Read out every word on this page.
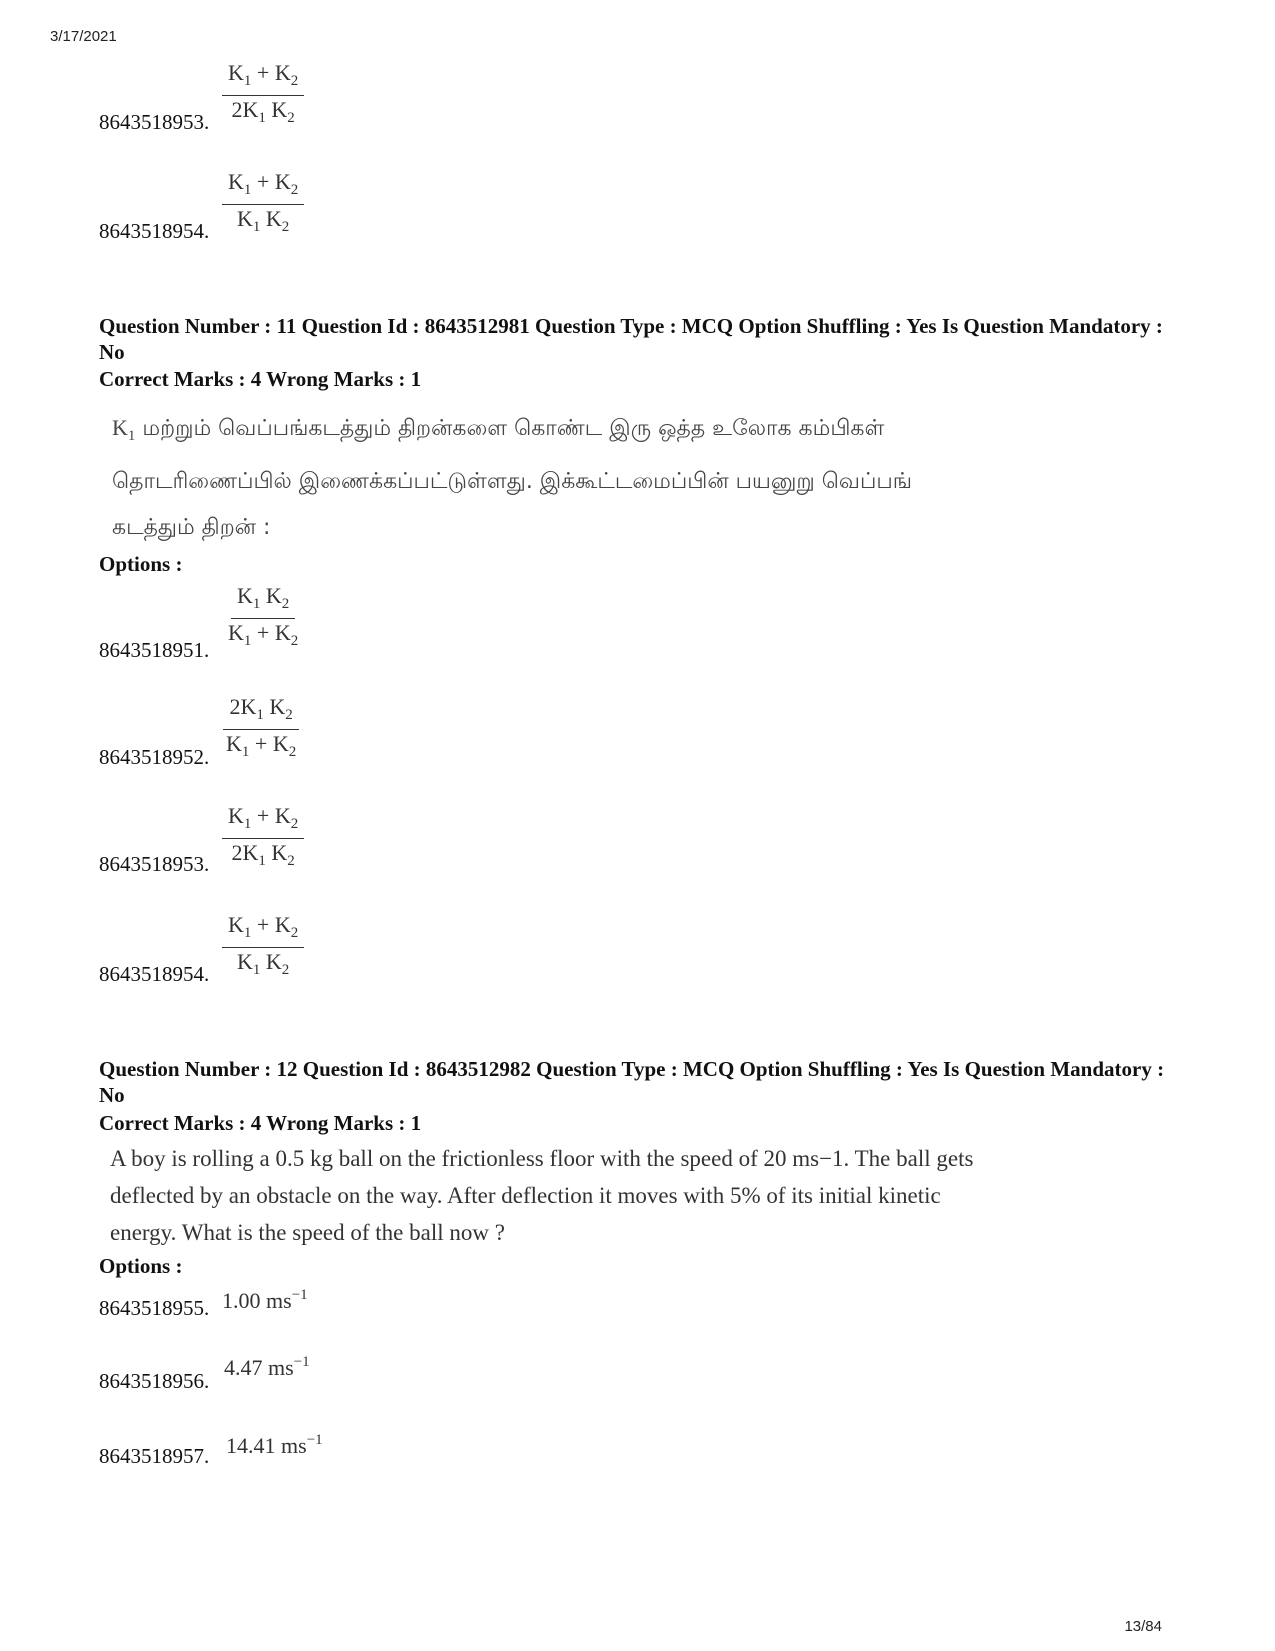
3/17/2021
$\frac{K_1 + K_2}{2K_1 K_2}$
8643518953.
$\frac{K_1 + K_2}{K_1 K_2}$
8643518954.
Question Number : 11 Question Id : 8643512981 Question Type : MCQ Option Shuffling : Yes Is Question Mandatory : No
Correct Marks : 4 Wrong Marks : 1
$K_1$ மற்றும் வெப்பங்கடத்தும் திறன்களை கொண்ட இரு ஒத்த உலோக கம்பிகள்
தொடரிணைப்பில் இணைக்கப்பட்டுள்ளது. இக்கூட்டமைப்பின் பயனுறு வெப்பங்
கடத்தும் திறன் :
Options :
$\frac{K_1 K_2}{K_1 + K_2}$
8643518951.
$\frac{2K_1 K_2}{K_1 + K_2}$
8643518952.
$\frac{K_1 + K_2}{2K_1 K_2}$
8643518953.
$\frac{K_1 + K_2}{K_1 K_2}$
8643518954.
Question Number : 12 Question Id : 8643512982 Question Type : MCQ Option Shuffling : Yes Is Question Mandatory : No
Correct Marks : 4 Wrong Marks : 1
A boy is rolling a 0.5 kg ball on the frictionless floor with the speed of 20 ms−1. The ball gets
deflected by an obstacle on the way. After deflection it moves with 5% of its initial kinetic
energy. What is the speed of the ball now ?
Options :
8643518955. 1.00 $ms^{-1}$
8643518956.
4.47 $ms^{-1}$
8643518957. 14.41 $ms^{-1}$
13/84
